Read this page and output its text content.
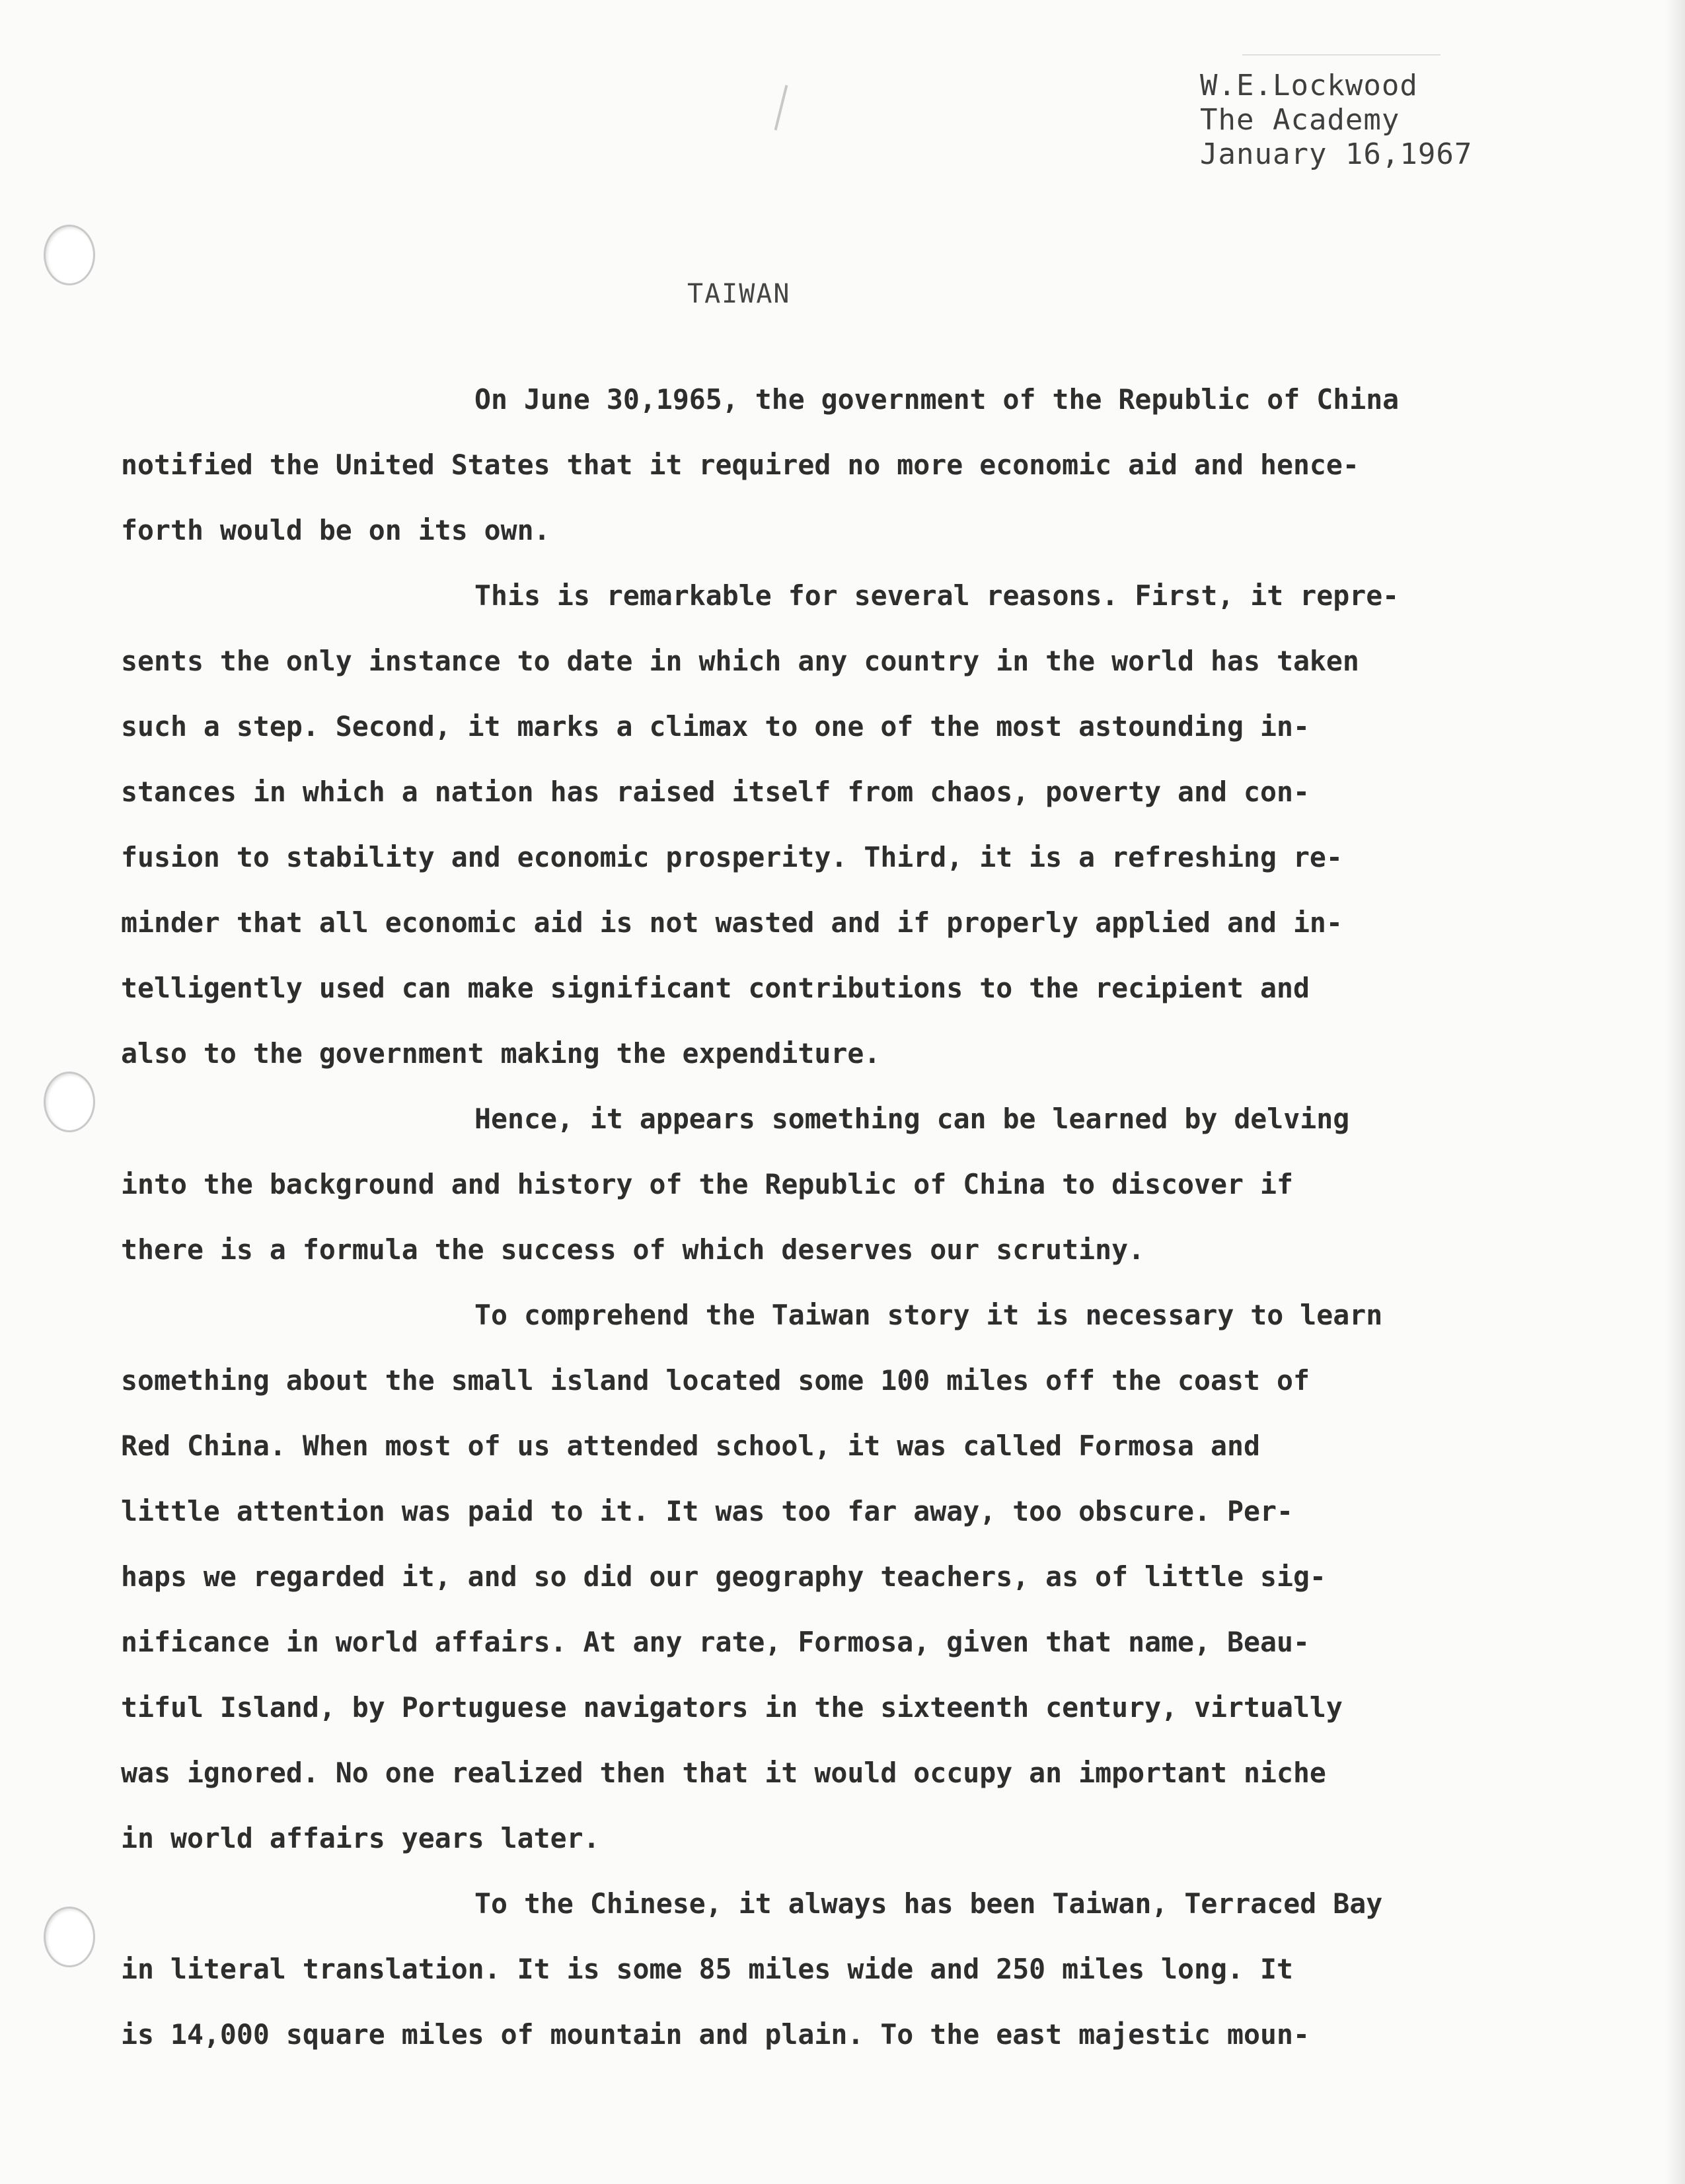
W.E.Lockwood
The Academy
January 16,1967
TAIWAN
On June 30,1965, the government of the Republic of China
notified the United States that it required no more economic aid and hence-
forth would be on its own.
This is remarkable for several reasons. First, it repre-
sents the only instance to date in which any country in the world has taken
such a step. Second, it marks a climax to one of the most astounding in-
stances in which a nation has raised itself from chaos, poverty and con-
fusion to stability and economic prosperity. Third, it is a refreshing re-
minder that all economic aid is not wasted and if properly applied and in-
telligently used can make significant contributions to the recipient and
also to the government making the expenditure.
Hence, it appears something can be learned by delving
into the background and history of the Republic of China to discover if
there is a formula the success of which deserves our scrutiny.
To comprehend the Taiwan story it is necessary to learn
something about the small island located some 100 miles off the coast of
Red China. When most of us attended school, it was called Formosa and
little attention was paid to it. It was too far away, too obscure. Per-
haps we regarded it, and so did our geography teachers, as of little sig-
nificance in world affairs. At any rate, Formosa, given that name, Beau-
tiful Island, by Portuguese navigators in the sixteenth century, virtually
was ignored. No one realized then that it would occupy an important niche
in world affairs years later.
To the Chinese, it always has been Taiwan, Terraced Bay
in literal translation. It is some 85 miles wide and 250 miles long. It
is 14,000 square miles of mountain and plain. To the east majestic moun-
